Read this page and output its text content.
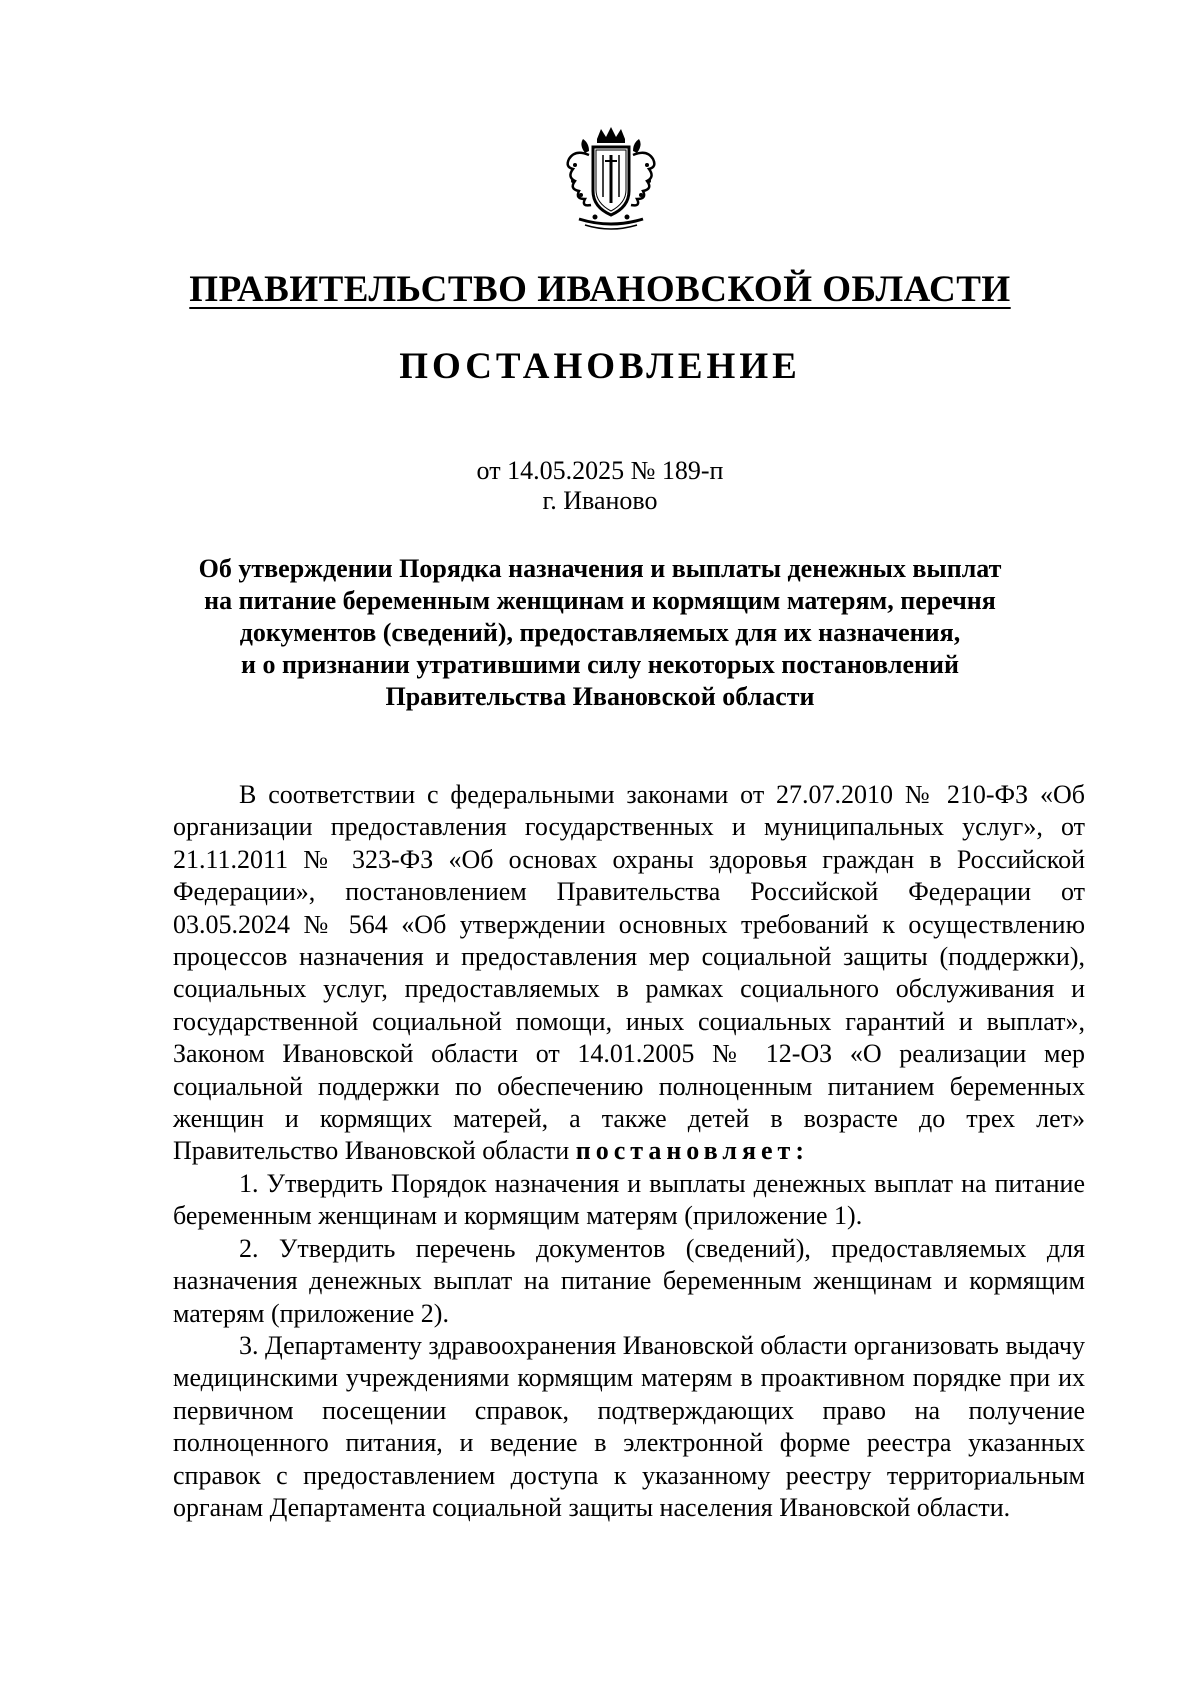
ПРАВИТЕЛЬСТВО ИВАНОВСКОЙ ОБЛАСТИ
ПОСТАНОВЛЕНИЕ
от 14.05.2025 № 189-п
г. Иваново
Об утверждении Порядка назначения и выплаты денежных выплат
на питание беременным женщинам и кормящим матерям, перечня
документов (сведений), предоставляемых для их назначения,
и о признании утратившими силу некоторых постановлений
Правительства Ивановской области

В соответствии с федеральными законами от 27.07.2010 № 210-ФЗ «Об организации предоставления государственных и муниципальных услуг», от 21.11.2011 № 323-ФЗ «Об основах охраны здоровья граждан в Российской Федерации», постановлением Правительства Российской Федерации от 03.05.2024 № 564 «Об утверждении основных требований к осуществлению процессов назначения и предоставления мер социальной защиты (поддержки), социальных услуг, предоставляемых в рамках социального обслуживания и государственной социальной помощи, иных социальных гарантий и выплат», Законом Ивановской области от 14.01.2005 № 12-ОЗ «О реализации мер социальной поддержки по обеспечению полноценным питанием беременных женщин и кормящих матерей, а также детей в возрасте до трех лет» Правительство Ивановской области постановляет:

1. Утвердить Порядок назначения и выплаты денежных выплат на питание беременным женщинам и кормящим матерям (приложение 1).

2. Утвердить перечень документов (сведений), предоставляемых для назначения денежных выплат на питание беременным женщинам и кормящим матерям (приложение 2).

3. Департаменту здравоохранения Ивановской области организовать выдачу медицинскими учреждениями кормящим матерям в проактивном порядке при их первичном посещении справок, подтверждающих право на получение полноценного питания, и ведение в электронной форме реестра указанных справок с предоставлением доступа к указанному реестру территориальным органам Департамента социальной защиты населения Ивановской области.
